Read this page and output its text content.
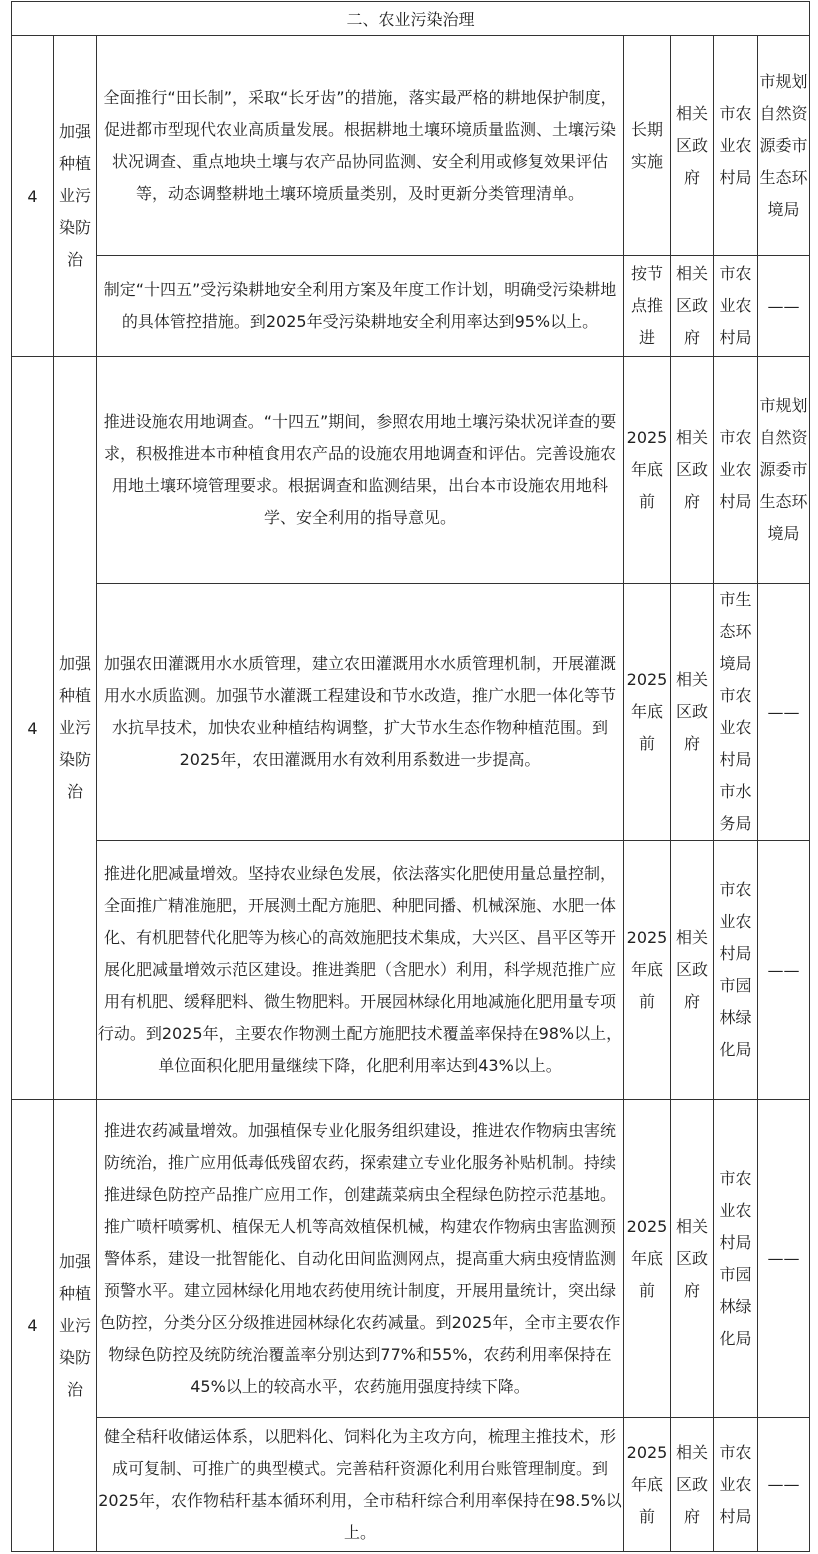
二、农业污染治理						
4	加强种植业污染防治	全面推行“田长制”，采取“长牙齿”的措施，落实最严格的耕地保护制度，促进都市型现代农业高质量发展。根据耕地土壤环境质量监测、土壤污染状况调查、重点地块土壤与农产品协同监测、安全利用或修复效果评估等，动态调整耕地土壤环境质量类别，及时更新分类管理清单。	长期实施	相关区政府	市农业农村局	市规划自然资源委市生态环境局
		制定“十四五”受污染耕地安全利用方案及年度工作计划，明确受污染耕地的具体管控措施。到2025年受污染耕地安全利用率达到95%以上。	按节点推进	相关区政府	市农业农村局	——
4	加强种植业污染防治	推进设施农用地调查。“十四五”期间，参照农用地土壤污染状况详查的要求，积极推进本市种植食用农产品的设施农用地调查和评估。完善设施农用地土壤环境管理要求。根据调查和监测结果，出台本市设施农用地科学、安全利用的指导意见。	2025年底前	相关区政府	市农业农村局	市规划自然资源委市生态环境局
		加强农田灌溉用水水质管理，建立农田灌溉用水水质管理机制，开展灌溉用水水质监测。加强节水灌溉工程建设和节水改造，推广水肥一体化等节水抗旱技术，加快农业种植结构调整，扩大节水生态作物种植范围。到2025年，农田灌溉用水有效利用系数进一步提高。	2025年底前	相关区政府	市生态环境局市农业农村局市水务局	——
		推进化肥减量增效。坚持农业绿色发展，依法落实化肥使用量总量控制，全面推广精准施肥，开展测土配方施肥、种肥同播、机械深施、水肥一体化、有机肥替代化肥等为核心的高效施肥技术集成，大兴区、昌平区等开展化肥减量增效示范区建设。推进粪肥（含肥水）利用，科学规范推广应用有机肥、缓释肥料、微生物肥料。开展园林绿化用地减施化肥用量专项行动。到2025年，主要农作物测土配方施肥技术覆盖率保持在98%以上，单位面积化肥用量继续下降，化肥利用率达到43%以上。	2025年底前	相关区政府	市农业农村局市园林绿化局	——
4	加强种植业污染防治	推进农药减量增效。加强植保专业化服务组织建设，推进农作物病虫害统防统治，推广应用低毒低残留农药，探索建立专业化服务补贴机制。持续推进绿色防控产品推广应用工作，创建蔬菜病虫全程绿色防控示范基地。推广喷杆喷雾机、植保无人机等高效植保机械，构建农作物病虫害监测预警体系，建设一批智能化、自动化田间监测网点，提高重大病虫疫情监测预警水平。建立园林绿化用地农药使用统计制度，开展用量统计，突出绿色防控，分类分区分级推进园林绿化农药减量。到2025年，全市主要农作物绿色防控及统防统治覆盖率分别达到77%和55%，农药利用率保持在45%以上的较高水平，农药施用强度持续下降。	2025年底前	相关区政府	市农业农村局市园林绿化局	——
		健全秸秆收储运体系，以肥料化、饲料化为主攻方向，梳理主推技术，形成可复制、可推广的典型模式。完善秸秆资源化利用台账管理制度。到2025年，农作物秸秆基本循环利用，全市秸秆综合利用率保持在98.5%以上。	2025年底前	相关区政府	市农业农村局	——
